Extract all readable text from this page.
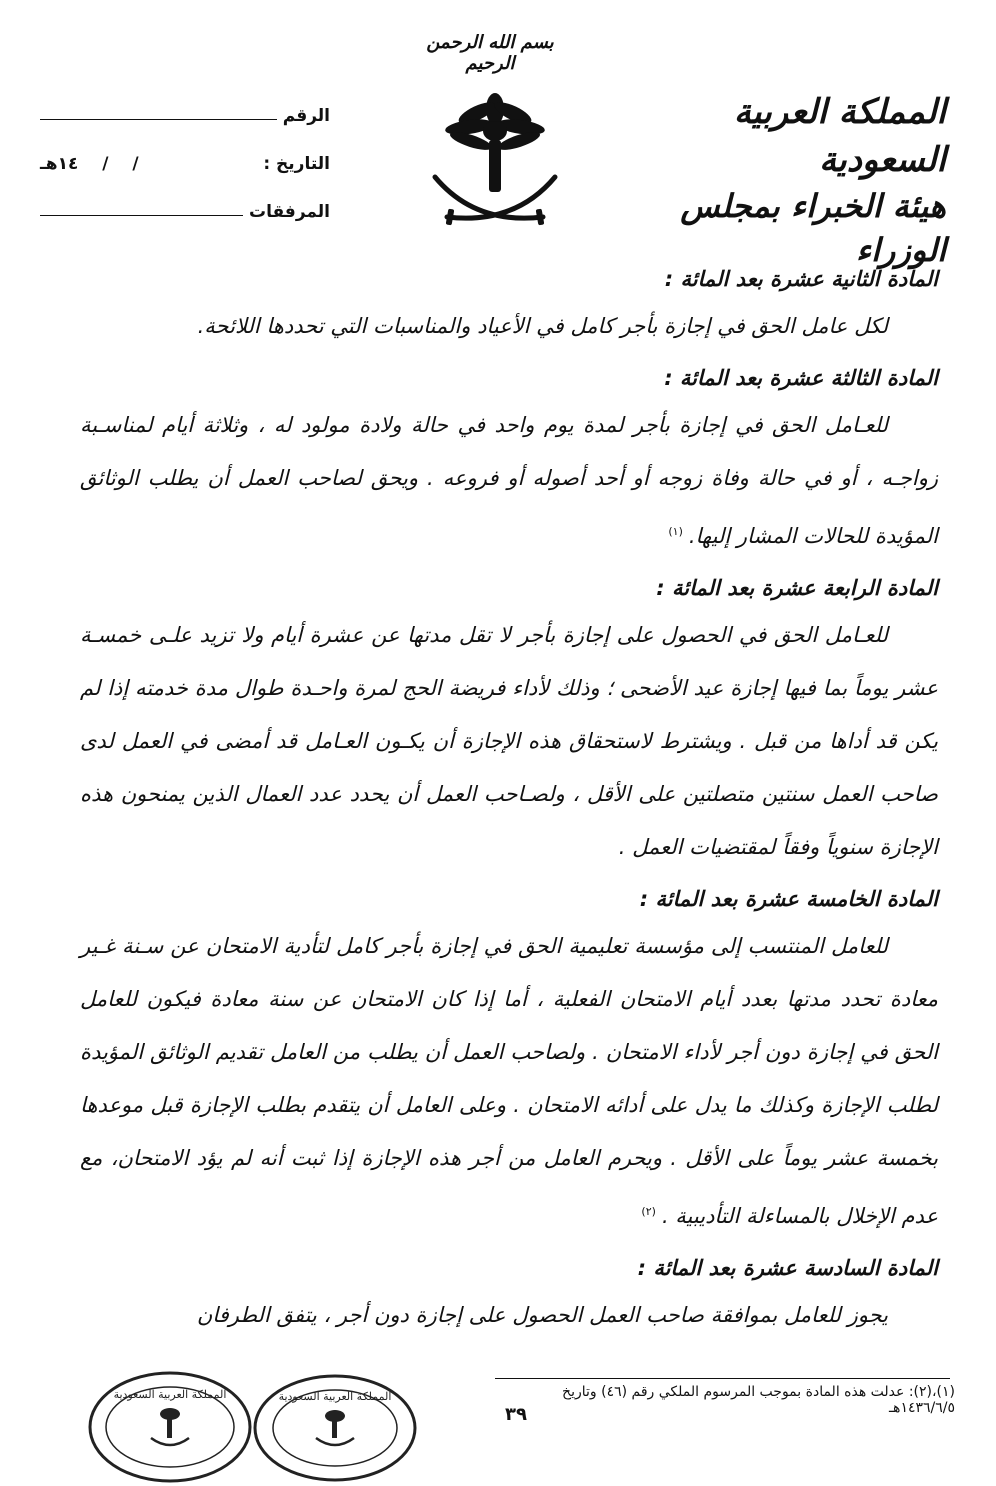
بسم الله الرحمن الرحيم
المملكة العربية السعودية
هيئة الخبراء بمجلس الوزراء
الرقم
التاريخ :
/ / ١٤هـ
المرفقات
المادة الثانية عشرة بعد المائة :

لكل عامل الحق في إجازة بأجر كامل في الأعياد والمناسبات التي تحددها اللائحة.

المادة الثالثة عشرة بعد المائة :

للعـامل الحق في إجازة بأجر لمدة يوم واحد في حالة ولادة مولود له ، وثلاثة أيام لمناسـبة زواجـه ، أو في حالة وفاة زوجه أو أحد أصوله أو فروعه . ويحق لصاحب العمل أن يطلب الوثائق المؤيدة للحالات المشار إليها.$^{(١)}$

المادة الرابعة عشرة بعد المائة :

للعـامل الحق في الحصول على إجازة بأجر لا تقل مدتها عن عشرة أيام ولا تزيد علـى خمسـة عشر يوماً بما فيها إجازة عيد الأضحى ؛ وذلك لأداء فريضة الحج لمرة واحـدة طوال مدة خدمته إذا لم يكن قد أداها من قبل . ويشترط لاستحقاق هذه الإجازة أن يكـون العـامل قد أمضى في العمل لدى صاحب العمل سنتين متصلتين على الأقل ، ولصـاحب العمل أن يحدد عدد العمال الذين يمنحون هذه الإجازة سنوياً وفقاً لمقتضيات العمل .

المادة الخامسة عشرة بعد المائة :

للعامل المنتسب إلى مؤسسة تعليمية الحق في إجازة بأجر كامل لتأدية الامتحان عن سـنة غـير معادة تحدد مدتها بعدد أيام الامتحان الفعلية ، أما إذا كان الامتحان عن سنة معادة فيكون للعامل الحق في إجازة دون أجر لأداء الامتحان . ولصاحب العمل أن يطلب من العامل تقديم الوثائق المؤيدة لطلب الإجازة وكذلك ما يدل على أدائه الامتحان . وعلى العامل أن يتقدم بطلب الإجازة قبل موعدها بخمسة عشر يوماً على الأقل . ويحرم العامل من أجر هذه الإجازة إذا ثبت أنه لم يؤد الامتحان، مع عدم الإخلال بالمساءلة التأديبية .$^{(٢)}$

المادة السادسة عشرة بعد المائة :

يجوز للعامل بموافقة صاحب العمل الحصول على إجازة دون أجر ، يتفق الطرفان

(١)،(٢): عدلت هذه المادة بموجب المرسوم الملكي رقم (٤٦) وتاريخ ١٤٣٦/٦/٥هـ
٣٩
المملكة العربية السعودية	المملكة العربية السعودية
